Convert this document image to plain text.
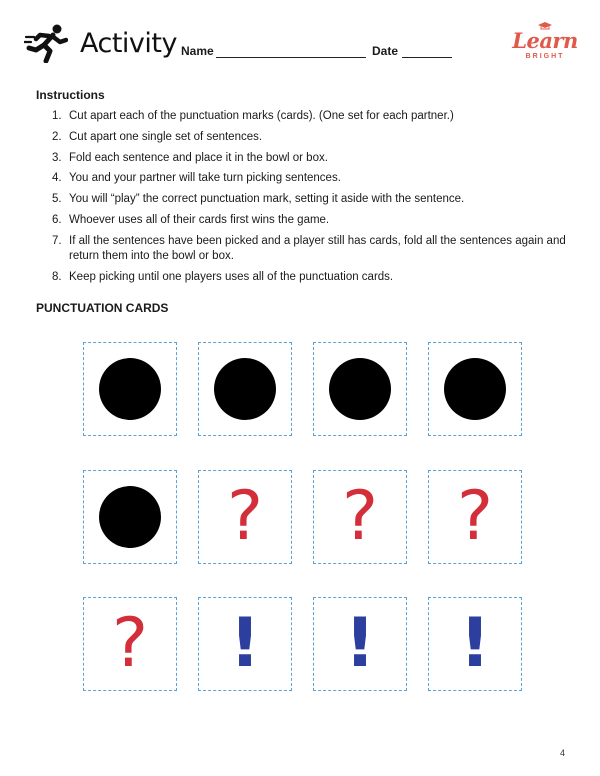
Activity Name	Date	Learn
BRIGHT
Instructions
1. Cut apart each of the punctuation marks (cards). (One set for each partner.)
2. Cut apart one single set of sentences.
3. Fold each sentence and place it in the bowl or box.
4. You and your partner will take turn picking sentences.
5. You will “play” the correct punctuation mark, setting it aside with the sentence.
6. Whoever uses all of their cards first wins the game.
7. If all the sentences have been picked and a player still has cards, fold all the sentences again and return them into the bowl or box.
8. Keep picking until one players uses all of the punctuation cards.
PUNCTUATION CARDS
? ? ?
? ! ! !
4
